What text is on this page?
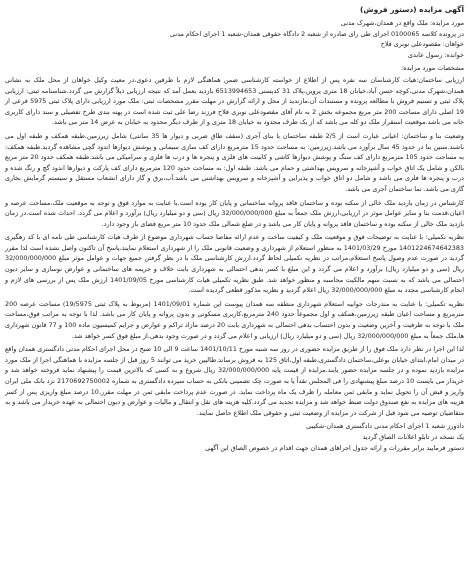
آگهی مزایده (دستور فروش)
مورد مزایده: ملک واقع در همدان،شهرک مدنی
در پرونده کلاسه 0100065 اجرای طی رای صادره از شعبه 2 دادگاه حقوقی همدان-شعبه 1 اجرای احکام مدنی
خواهان: مقصودعلی نوبری فلاح
خوانده: رسول عابدی
مشخصات مورد مزایده:
ارزیابی ساختمان:هیات کارشناسان سه نفره پس از اطلاع از خواسته کارشناسی ضمن هماهنگی لازم با طرفین دعوی،در معیت وکیل خواهان از محل ملک به نشانی همدان،شهرک مدنی،کوچه حسن آباد،خیابان 18 متری پروین،پلاک 31 کدپستی 6513994653 بازدید بعمل آمد که نتیجه ارزیابی ذیلاً گزارش می گردد.شناسنامه ثبتی: ارزیابی پلاک ثبتی و تسنیم فروش با مطالعه پرونده و مستندات آن،مازندید از محل و ارائه گزارش در مهلت مقرر مشخصات ثبتی: ملک مورد ارزیابی دارای پلاک ثبتی 5975 فرعی از 19 اصلی دارای مساحت 200 متر مربع مجموعه بخش 2 به نام آقای مقصودعلی نوبری فلاح فرزند رضا علی ثبت شده است در پهنه بندی طرح تفصیلی و سند دارای کاربری خانه می باشد.موقعیت استقرار ملک دو کله می باشد که از یک طرف محدود به خیابان 18 متری و از طرف دیگر محدود به خیابان به عرض 14 متر می باشد.
وضعیت بنا و ساختمان: اعیانی عبارت است از 2/5 طبقه ساختمان با بنای آجری (سقف طاق ضربی و دیوار ها 35 سانتی) شامل زیرزمین،طبقه همکف و طبقه اول می باشند.سنین بنا در حدود 45 سال برآورد می باشد.زیرزمین: به مساحت حدود 15 مترمربع دارای کف سازی سیمانی و پوشش دیوارها اندود گچی مشاهده گردید.طبقه همکف: به مساحت حدود 105 مترمربع دارای کف سنگ و پوشش دیوارها کاشی و کابینت های فلزی و پنجره ها و درب ها فلزی و سرامیکی می باشد.طبقه همکف حدود 20 متر مربع بالکن و شامل یک اتاق خواب و آشپزخانه و سرویس بهداشتی و حمام می باشد. طبقه اول: به مساحت حدود 120 مترمربع دارای کف پارکت و دیوارها اندود گچ و رنگ شده و درب و پنجره ها فلزی می باشد و شامل دو اتاق خواب و پذیرایی و آشپزخانه و سرویس بهداشتی می باشد.آب،برق و گاز دارای انشعاب مستقل و سیستم گرمایش بخاری گازی می باشد. نما ساختمان آجری می باشد.
کارشناس در زمان بازدید ملک خالی از سکنه بوده و ساختمان فاقد پروانه ساختمانی و پایان کار بوده است.با عنایت به موارد فوق و توجه به موقعیت ملک،مساحت عرصه و اعیان،قدمت بنا و سایر عوامل موثر در ارزیابی،ارزش ملک جمعاً به مبلغ 32/000/000/000 ریال (سی و دو میلیارد ریال) برآورد و اعلام می گردد. احداث شده است.در زمان بازدید ملک خالی از سکنه بوده و ساختمان فاقد پروانه و پایان کار می باشد و در ضلع شمالی ملک حدود 10 متر مربع فضای باز وجود دارد.
نظریه تکمیلی: با عنایت به توضیحات فوق و موقعیت ملک و کیفیت ساخت و عدم ارائه مفاصا حساب شهرداری موضوع از طرف هیات کارشناسی طی نامه ای با کد رهگیری 1401224674642383 مورخ 1401/03/29 به منظور استعلام از شهرداری و وضعیت قانونی ملک را از شهرداری استعلام نمایند،پاسخ آن تاکنون واصل نشده است لذا مقرر گردید در صورت عدم وصول پاسخ استعلام،مراتب در نظریه تکمیلی لحاظ گردد.ارزش کارشناسی ملک با در نظر گرفتن جمیع جهات و عوامل موثر مبلغ 32/000/000/000 ریال (سی و دو میلیارد ریال) برآورد و اعلام می گردد و این مبلغ با کسر بدهی احتمالی به شهرداری بابت خلاف و جریمه های ساختمانی و عوارض نوسازی و سایر دیون احتمالی می باشد که به نسبت سهم مالکیت محاسبه و منظور خواهد شد. طبق نظریه تکمیلی هیات کارشناسی مورخ 1401/09/05 ارزش ملک پس از بررسی های لازم و انجام کارشناسی مجدد به مبلغ 32/000/000/000 ریال اعلام گردید و نظریه مذکور قطعی گردیده است.
نظریه تکمیلی: با عنایت به مندرجات جوابیه استعلام شهرداری منطقه سه همدان پیوست این شماره 1401/09/01 (مربوط به پلاک ثبتی 19/5975) مساحت عرصه 200 مترمربع و مساحت اعیان طبقه زیرزمین،همکف و اول مجموعاً حدود 240 مترمربع،کاربری مسکونی و بدون پروانه و پایان کار می باشد. لذا با توجه به مراتب فوق،مساحت ملک با توجه به ظرفیت و آخرین وضعیت و بدون احتساب بدهی احتمالی به شهرداری بابت 20 درصد مازاد تراکم و عوارض و جرایم کمیسیون ماده 100 و 77 قانون شهرداری ها،ملک جمعاً به مبلغ 32/000/000/000 ریال (سی و دو میلیارد ریال) ارزیابی و اعلام می گردد و در صورت وجود بدهی،از مبلغ فوق کسر خواهد شد.
لذا این اجرا در نظر دارد ملک فوق را از طریق مزایده حضوری در روز سه شنبه مورخ 1401/10/11 ساعت 9 الی 10 صبح در محل اجرای احکام مدنی دادگستری همدان واقع در میدان امام،ابتدای خیابان بوعلی،ساختمان دادگستری،طبقه اول،اتاق 125 به فروش برساند.طالبین خرید می توانند 5 روز قبل از جلسه مزایده با هماهنگی اجرا از ملک مورد مزایده بازدید نموده و در جلسه مزایده حضور یابند.مزایده از قیمت پایه 32/000/000/000 ریال شروع و به کسی که بالاترین قیمت را پیشنهاد نماید فروخته خواهد شد و خریدار می بایست 10 درصد مبلغ پیشنهادی را فی المجلس نقداً یا به صورت چک تضمینی بانکی به حساب سپرده دادگستری به شماره 2170692750002 نزد بانک ملی ایران واریز و قبض آن را تحویل نماید و مابقی ثمن معامله را ظرف یک ماه پرداخت نماید. در صورت عدم پرداخت مابقی ثمن در مهلت مقرر،10 درصد مبلغ واریزی پس از کسر هزینه های مزایده به نفع صندوق دولت ضبط خواهد شد و مزایده تجدید می گردد.کلیه هزینه های نقل و انتقال و مالیات و عوارض و دیون احتمالی به عهده خریدار می باشد و به متقاضیان توصیه می شود قبل از شرکت در مزایده از وضعیت ثبتی و حقوقی ملک اطلاع حاصل نمایند.
دادورز شعبه 1 اجرای احکام مدنی دادگستری همدان-شکیبی
یک نسخه در تابلو اعلانات الصاق گردید
دستور فرمایید برابر مقررات و ارائه جدول اجراهای همدان جهت اقدام در خصوص الصاق این آگهی
